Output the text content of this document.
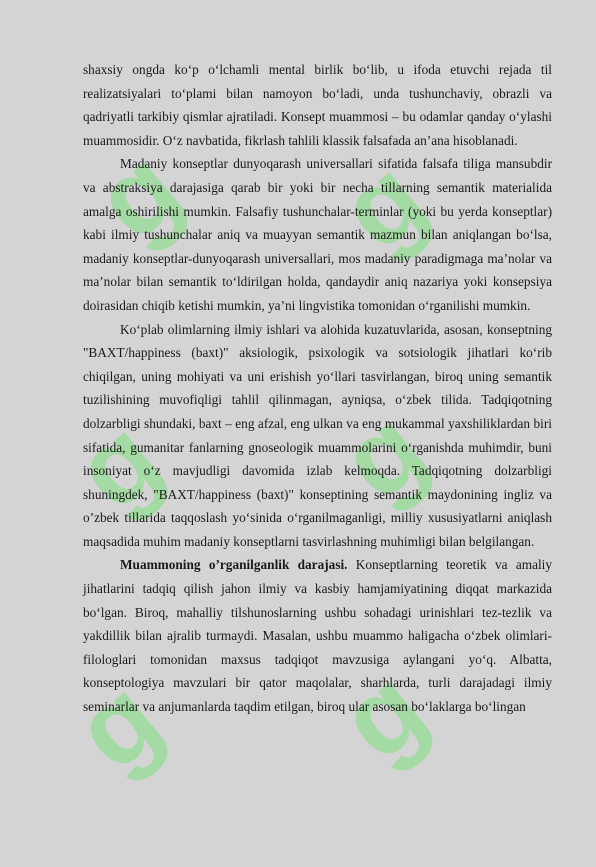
g g
g g
g g

shaxsiy ongda ko‘p o‘lchamli mental birlik bo‘lib, u ifoda etuvchi rejada til realizatsiyalari to‘plami bilan namoyon bo‘ladi, unda tushunchaviy, obrazli va qadriyatli tarkibiy qismlar ajratiladi. Konsept muammosi – bu odamlar qanday o‘ylashi muammosidir. O‘z navbatida, fikrlash tahlili klassik falsafada an’ana hisoblanadi.

Madaniy konseptlar dunyoqarash universallari sifatida falsafa tiliga mansubdir va abstraksiya darajasiga qarab bir yoki bir necha tillarning semantik materialida amalga oshirilishi mumkin. Falsafiy tushunchalar-terminlar (yoki bu yerda konseptlar) kabi ilmiy tushunchalar aniq va muayyan semantik mazmun bilan aniqlangan bo‘lsa, madaniy konseptlar-dunyoqarash universallari, mos madaniy paradigmaga ma’nolar va ma’nolar bilan semantik to‘ldirilgan holda, qandaydir aniq nazariya yoki konsepsiya doirasidan chiqib ketishi mumkin, ya’ni lingvistika tomonidan o‘rganilishi mumkin.

Ko‘plab olimlarning ilmiy ishlari va alohida kuzatuvlarida, asosan, konseptning "BAXT/happiness (baxt)" aksiologik, psixologik va sotsiologik jihatlari ko‘rib chiqilgan, uning mohiyati va uni erishish yo‘llari tasvirlangan, biroq uning semantik tuzilishining muvofiqligi tahlil qilinmagan, ayniqsa, o‘zbek tilida. Tadqiqotning dolzarbligi shundaki, baxt – eng afzal, eng ulkan va eng mukammal yaxshiliklardan biri sifatida, gumanitar fanlarning gnoseologik muammolarini o‘rganishda muhimdir, buni insoniyat o‘z mavjudligi davomida izlab kelmoqda. Tadqiqotning dolzarbligi shuningdek, "BAXT/happiness (baxt)" konseptining semantik maydonining ingliz va o’zbek tillarida taqqoslash yo‘sinida o‘rganilmaganligi, milliy xususiyatlarni aniqlash maqsadida muhim madaniy konseptlarni tasvirlashning muhimligi bilan belgilangan.

Muammoning o’rganilganlik darajasi. Konseptlarning teoretik va amaliy jihatlarini tadqiq qilish jahon ilmiy va kasbiy hamjamiyatining diqqat markazida bo‘lgan. Biroq, mahalliy tilshunoslarning ushbu sohadagi urinishlari tez-tezlik va yakdillik bilan ajralib turmaydi. Masalan, ushbu muammo haligacha o‘zbek olimlari-filologlari tomonidan maxsus tadqiqot mavzusiga aylangani yo‘q. Albatta, konseptologiya mavzulari bir qator maqolalar, sharhlarda, turli darajadagi ilmiy seminarlar va anjumanlarda taqdim etilgan, biroq ular asosan bo‘laklarga bo‘lingan
